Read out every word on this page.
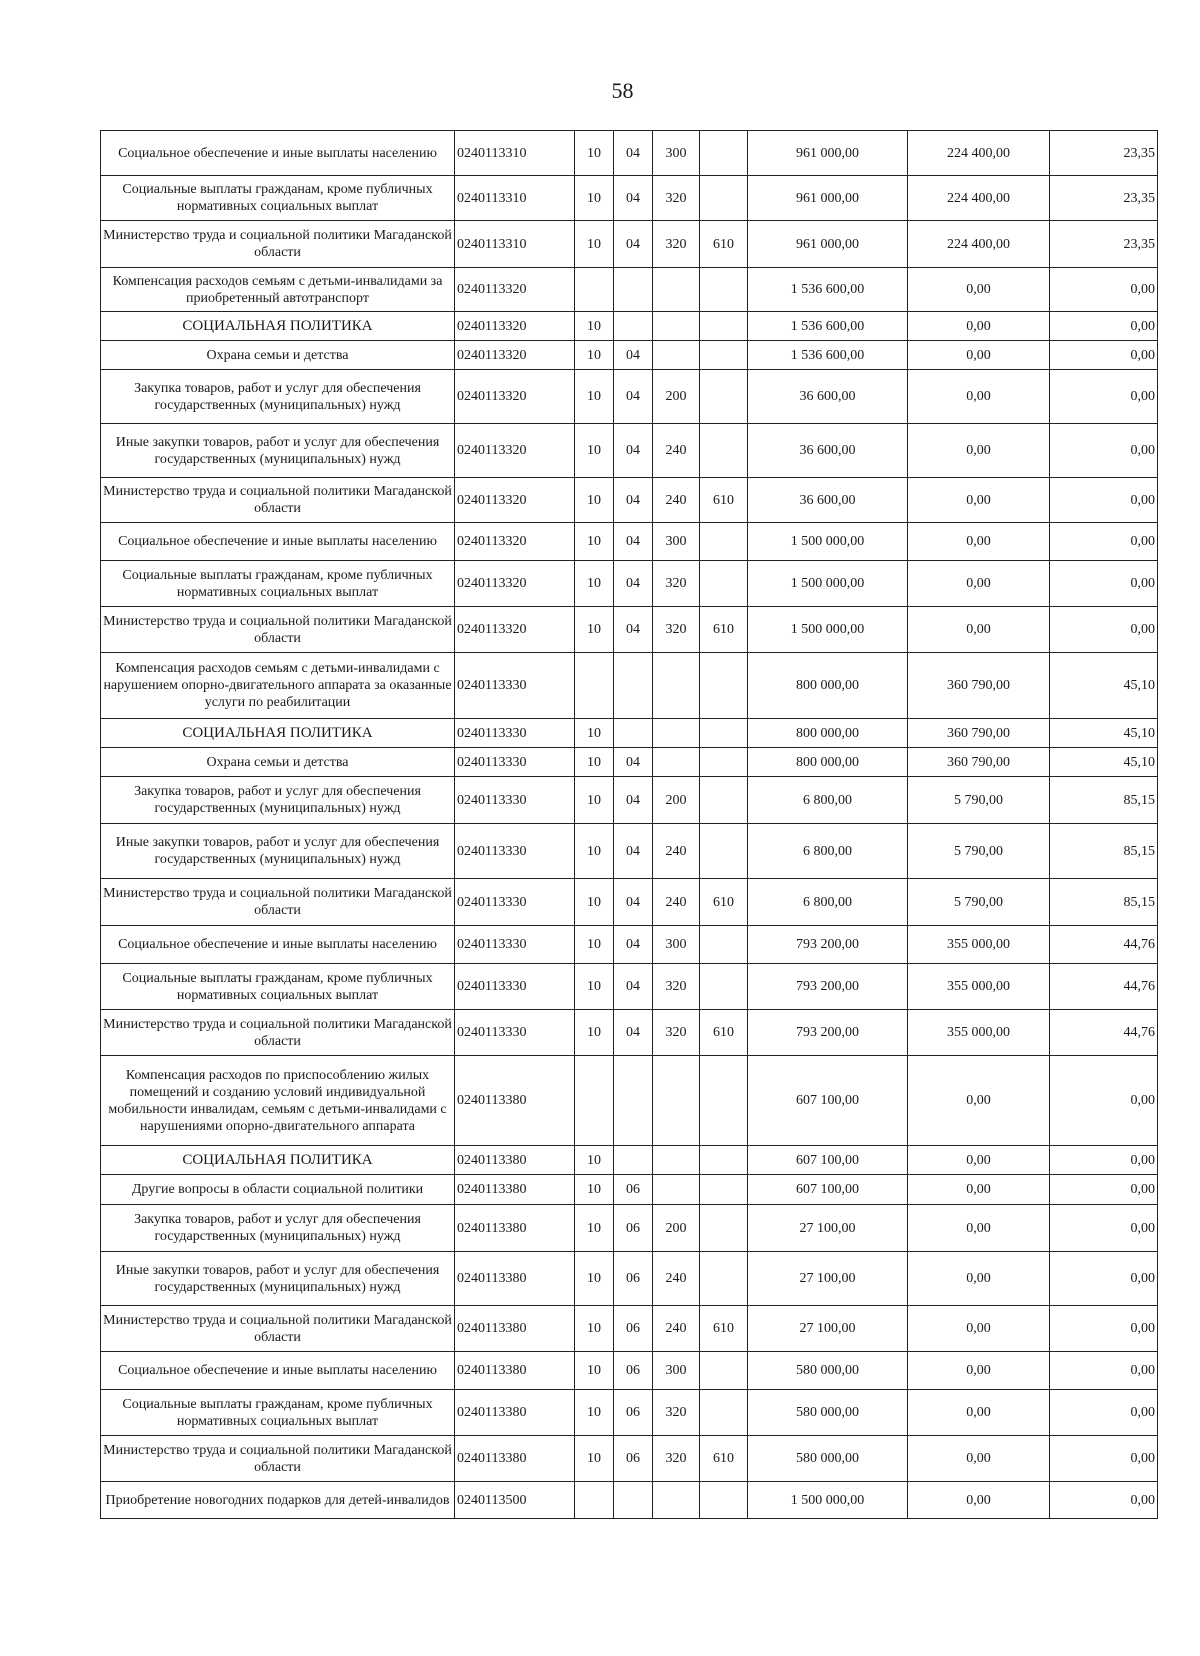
58
Социальное обеспечение и иные выплаты населению	0240113310	10	04	300		961 000,00	224 400,00	23,35
Социальные выплаты гражданам, кроме публичных нормативных социальных выплат	0240113310	10	04	320		961 000,00	224 400,00	23,35
Министерство труда и социальной политики Магаданской области	0240113310	10	04	320	610	961 000,00	224 400,00	23,35
Компенсация расходов семьям с детьми-инвалидами за приобретенный автотранспорт	0240113320					1 536 600,00	0,00	0,00
СОЦИАЛЬНАЯ ПОЛИТИКА	0240113320	10				1 536 600,00	0,00	0,00
Охрана семьи и детства	0240113320	10	04			1 536 600,00	0,00	0,00
Закупка товаров, работ и услуг для обеспечения государственных (муниципальных) нужд	0240113320	10	04	200		36 600,00	0,00	0,00
Иные закупки товаров, работ и услуг для обеспечения государственных (муниципальных) нужд	0240113320	10	04	240		36 600,00	0,00	0,00
Министерство труда и социальной политики Магаданской области	0240113320	10	04	240	610	36 600,00	0,00	0,00
Социальное обеспечение и иные выплаты населению	0240113320	10	04	300		1 500 000,00	0,00	0,00
Социальные выплаты гражданам, кроме публичных нормативных социальных выплат	0240113320	10	04	320		1 500 000,00	0,00	0,00
Министерство труда и социальной политики Магаданской области	0240113320	10	04	320	610	1 500 000,00	0,00	0,00
Компенсация расходов семьям с детьми-инвалидами с нарушением опорно-двигательного аппарата за оказанные услуги по реабилитации	0240113330					800 000,00	360 790,00	45,10
СОЦИАЛЬНАЯ ПОЛИТИКА	0240113330	10				800 000,00	360 790,00	45,10
Охрана семьи и детства	0240113330	10	04			800 000,00	360 790,00	45,10
Закупка товаров, работ и услуг для обеспечения государственных (муниципальных) нужд	0240113330	10	04	200		6 800,00	5 790,00	85,15
Иные закупки товаров, работ и услуг для обеспечения государственных (муниципальных) нужд	0240113330	10	04	240		6 800,00	5 790,00	85,15
Министерство труда и социальной политики Магаданской области	0240113330	10	04	240	610	6 800,00	5 790,00	85,15
Социальное обеспечение и иные выплаты населению	0240113330	10	04	300		793 200,00	355 000,00	44,76
Социальные выплаты гражданам, кроме публичных нормативных социальных выплат	0240113330	10	04	320		793 200,00	355 000,00	44,76
Министерство труда и социальной политики Магаданской области	0240113330	10	04	320	610	793 200,00	355 000,00	44,76
Компенсация расходов по приспособлению жилых помещений и созданию условий индивидуальной мобильности инвалидам, семьям с детьми-инвалидами с нарушениями опорно-двигательного аппарата	0240113380					607 100,00	0,00	0,00
СОЦИАЛЬНАЯ ПОЛИТИКА	0240113380	10				607 100,00	0,00	0,00
Другие вопросы в области социальной политики	0240113380	10	06			607 100,00	0,00	0,00
Закупка товаров, работ и услуг для обеспечения государственных (муниципальных) нужд	0240113380	10	06	200		27 100,00	0,00	0,00
Иные закупки товаров, работ и услуг для обеспечения государственных (муниципальных) нужд	0240113380	10	06	240		27 100,00	0,00	0,00
Министерство труда и социальной политики Магаданской области	0240113380	10	06	240	610	27 100,00	0,00	0,00
Социальное обеспечение и иные выплаты населению	0240113380	10	06	300		580 000,00	0,00	0,00
Социальные выплаты гражданам, кроме публичных нормативных социальных выплат	0240113380	10	06	320		580 000,00	0,00	0,00
Министерство труда и социальной политики Магаданской области	0240113380	10	06	320	610	580 000,00	0,00	0,00
Приобретение новогодних подарков для детей-инвалидов	0240113500					1 500 000,00	0,00	0,00
